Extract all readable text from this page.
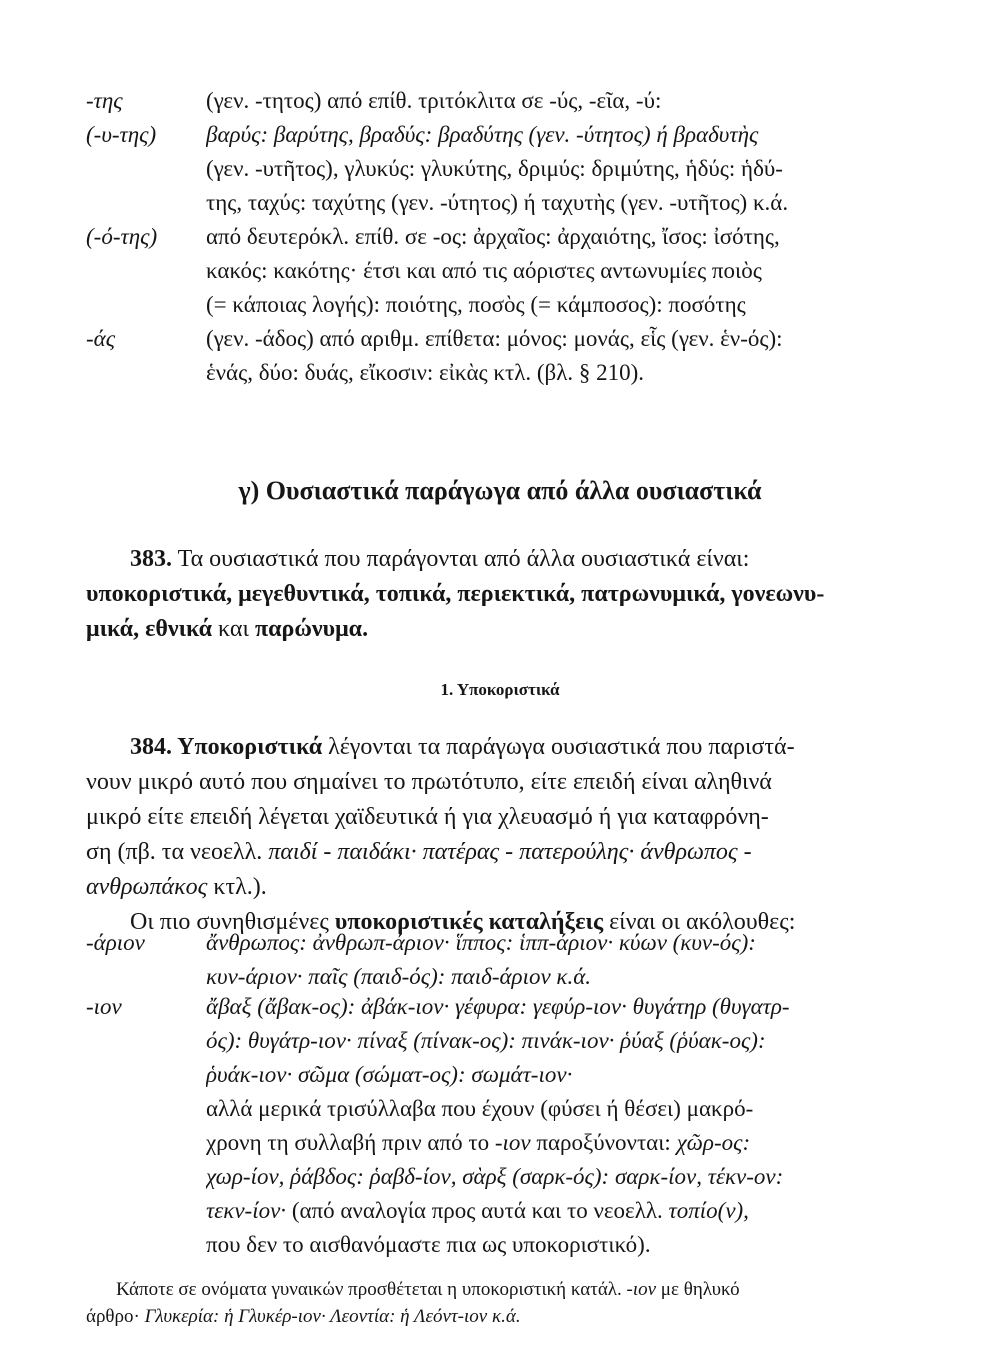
-της
(-υ-της)
(-ό-της)
-άς
(γεν. -τητος) από επίθ. τριτόκλιτα σε -ύς, -εῖα, -ύ:
βαρύς: βαρύτης, βραδύς: βραδύτης (γεν. -ύτητος) ή βραδυτὴς
(γεν. -υτῆτος), γλυκύς: γλυκύτης, δριμύς: δριμύτης, ἡδύς: ἡδύ-
της, ταχύς: ταχύτης (γεν. -ύτητος) ή ταχυτὴς (γεν. -υτῆτος) κ.ά.
από δευτερόκλ. επίθ. σε -ος: ἀρχαῖος: ἀρχαιότης, ἴσος: ἰσότης,
κακός: κακότης· έτσι και από τις αόριστες αντωνυμίες ποιὸς
(= κάποιας λογής): ποιότης, ποσὸς (= κάμποσος): ποσότης
(γεν. -άδος) από αριθμ. επίθετα: μόνος: μονάς, εἷς (γεν. ἑν-ός):
ἑνάς, δύο: δυάς, εἴκοσιν: εἰκὰς κτλ. (βλ. § 210).
γ) Ουσιαστικά παράγωγα από άλλα ουσιαστικά
383. Τα ουσιαστικά που παράγονται από άλλα ουσιαστικά είναι:
υποκοριστικά, μεγεθυντικά, τοπικά, περιεκτικά, πατρωνυμικά, γονεωνυ-
μικά, εθνικά και παρώνυμα.
1. Υποκοριστικά
384. Υποκοριστικά λέγονται τα παράγωγα ουσιαστικά που παριστά-
νουν μικρό αυτό που σημαίνει το πρωτότυπο, είτε επειδή είναι αληθινά
μικρό είτε επειδή λέγεται χαϊδευτικά ή για χλευασμό ή για καταφρόνη-
ση (πβ. τα νεοελλ. παιδί - παιδάκι· πατέρας - πατερούλης· άνθρωπος -
ανθρωπάκος κτλ.).
Οι πιο συνηθισμένες υποκοριστικές καταλήξεις είναι οι ακόλουθες:
-άριον	ἄνθρωπος: ἀνθρωπ-άριον· ἵππος: ἱππ-άριον· κύων (κυν-ός):
κυν-άριον· παῖς (παιδ-ός): παιδ-άριον κ.ά.
-ιον	ἄβαξ (ἄβακ-ος): ἀβάκ-ιον· γέφυρα: γεφύρ-ιον· θυγάτηρ (θυγατρ-
ός): θυγάτρ-ιον· πίναξ (πίνακ-ος): πινάκ-ιον· ῥύαξ (ῥύακ-ος):
ῥυάκ-ιον· σῶμα (σώματ-ος): σωμάτ-ιον·
αλλά μερικά τρισύλλαβα που έχουν (φύσει ή θέσει) μακρό-
χρονη τη συλλαβή πριν από το -ιον παροξύνονται: χῶρ-ος:
χωρ-ίον, ῥάβδος: ῥαβδ-ίον, σὰρξ (σαρκ-ός): σαρκ-ίον, τέκν-ον:
τεκν-ίον· (από αναλογία προς αυτά και το νεοελλ. τοπίο(ν),
που δεν το αισθανόμαστε πια ως υποκοριστικό).
Κάποτε σε ονόματα γυναικών προσθέτεται η υποκοριστική κατάλ. -ιον με θηλυκό
άρθρο· Γλυκερία: ἡ Γλυκέρ-ιον· Λεοντία: ἡ Λεόντ-ιον κ.ά.
